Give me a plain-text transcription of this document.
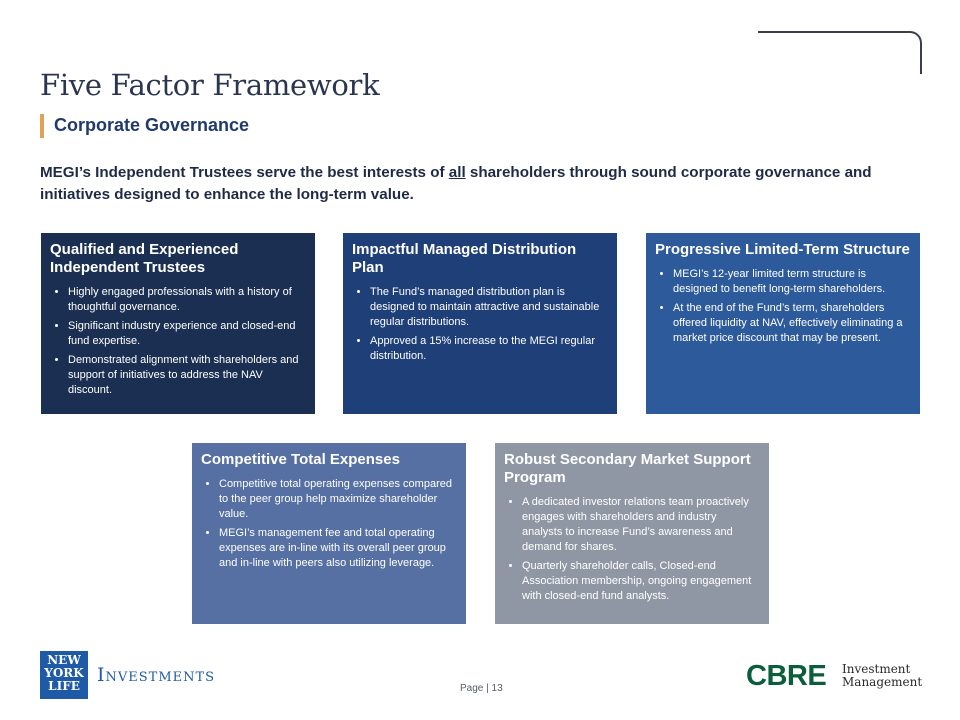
Five Factor Framework
Corporate Governance

MEGI’s Independent Trustees serve the best interests of all shareholders through sound corporate governance and initiatives designed to enhance the long-term value.

Qualified and Experienced Independent Trustees
• Highly engaged professionals with a history of thoughtful governance.
• Significant industry experience and closed-end fund expertise.
• Demonstrated alignment with shareholders and support of initiatives to address the NAV discount.
Impactful Managed Distribution Plan
• The Fund’s managed distribution plan is designed to maintain attractive and sustainable regular distributions.
• Approved a 15% increase to the MEGI regular distribution.
Progressive Limited-Term Structure
• MEGI’s 12-year limited term structure is designed to benefit long-term shareholders.
• At the end of the Fund’s term, shareholders offered liquidity at NAV, effectively eliminating a market price discount that may be present.
Competitive Total Expenses
• Competitive total operating expenses compared to the peer group help maximize shareholder value.
• MEGI’s management fee and total operating expenses are in-line with its overall peer group and in-line with peers also utilizing leverage.
Robust Secondary Market Support Program
• A dedicated investor relations team proactively engages with shareholders and industry analysts to increase Fund’s awareness and demand for shares.
• Quarterly shareholder calls, Closed-end Association membership, ongoing engagement with closed-end fund analysts.
NEW
YORK
LIFE Investments
Page | 13	CBRE Investment
Management
